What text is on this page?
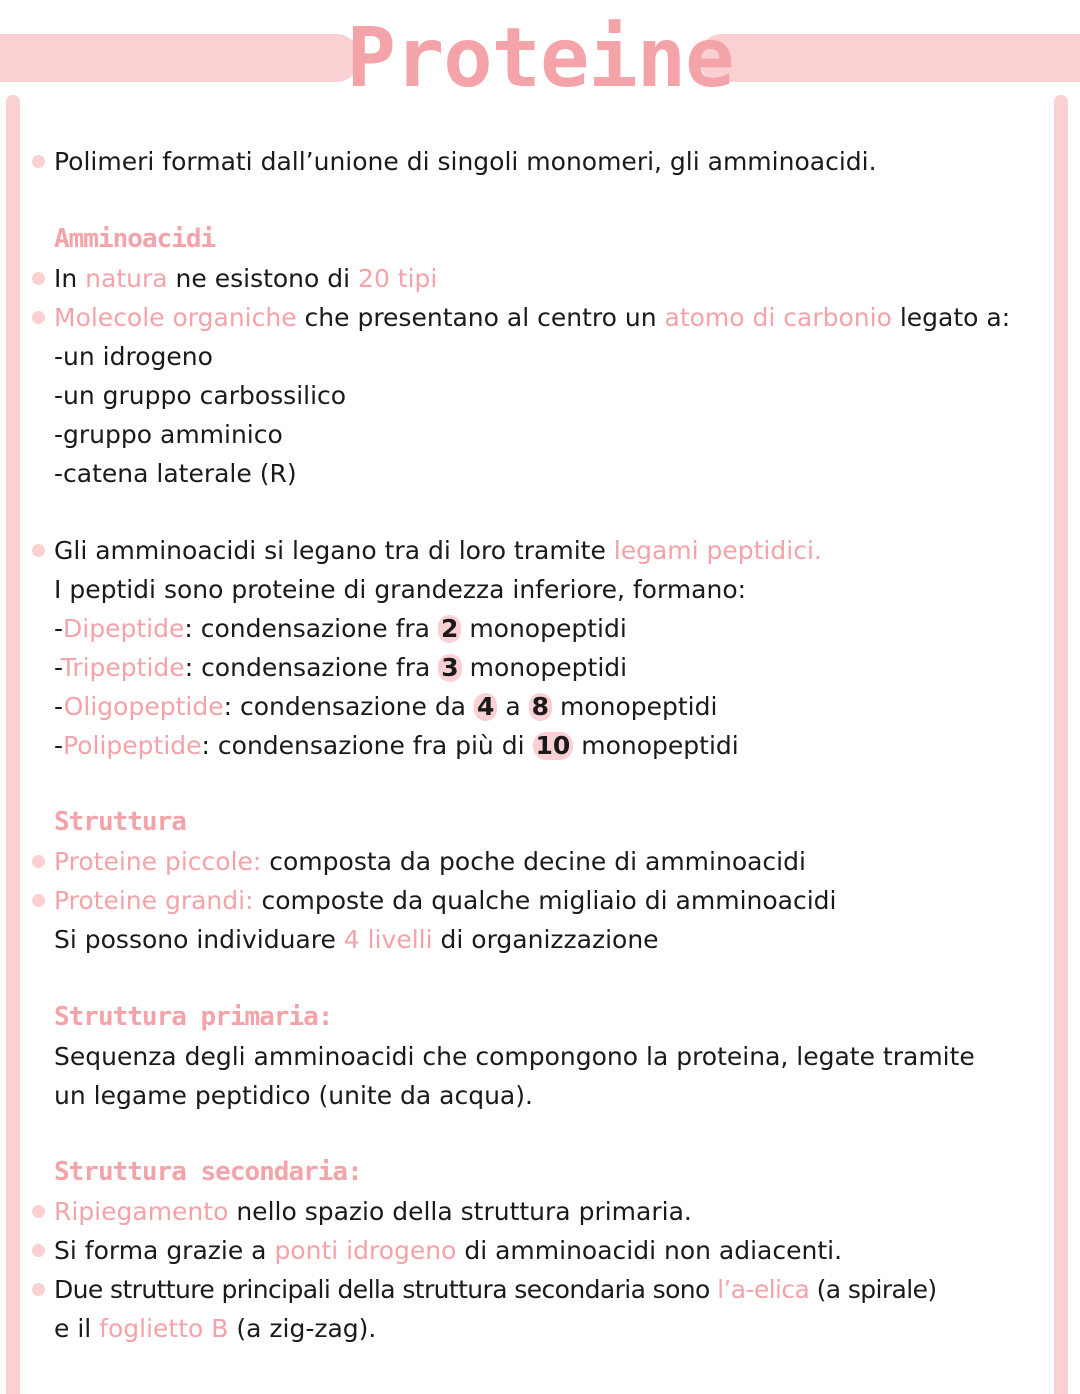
Proteine
Polimeri formati dall’unione di singoli monomeri, gli amminoacidi.
Amminoacidi
In natura ne esistono di 20 tipi
Molecole organiche che presentano al centro un atomo di carbonio legato a:
-un idrogeno
-un gruppo carbossilico
-gruppo amminico
-catena laterale (R)
Gli amminoacidi si legano tra di loro tramite legami peptidici.
I peptidi sono proteine di grandezza inferiore, formano:
-Dipeptide: condensazione fra 2 monopeptidi
-Tripeptide: condensazione fra 3 monopeptidi
-Oligopeptide: condensazione da 4 a 8 monopeptidi
-Polipeptide: condensazione fra più di 10 monopeptidi
Struttura
Proteine piccole: composta da poche decine di amminoacidi
Proteine grandi: composte da qualche migliaio di amminoacidi
Si possono individuare 4 livelli di organizzazione
Struttura primaria:
Sequenza degli amminoacidi che compongono la proteina, legate tramite
un legame peptidico (unite da acqua).
Struttura secondaria:
Ripiegamento nello spazio della struttura primaria.
Si forma grazie a ponti idrogeno di amminoacidi non adiacenti.
Due strutture principali della struttura secondaria sono l’a-elica (a spirale)
e il foglietto B (a zig-zag).
